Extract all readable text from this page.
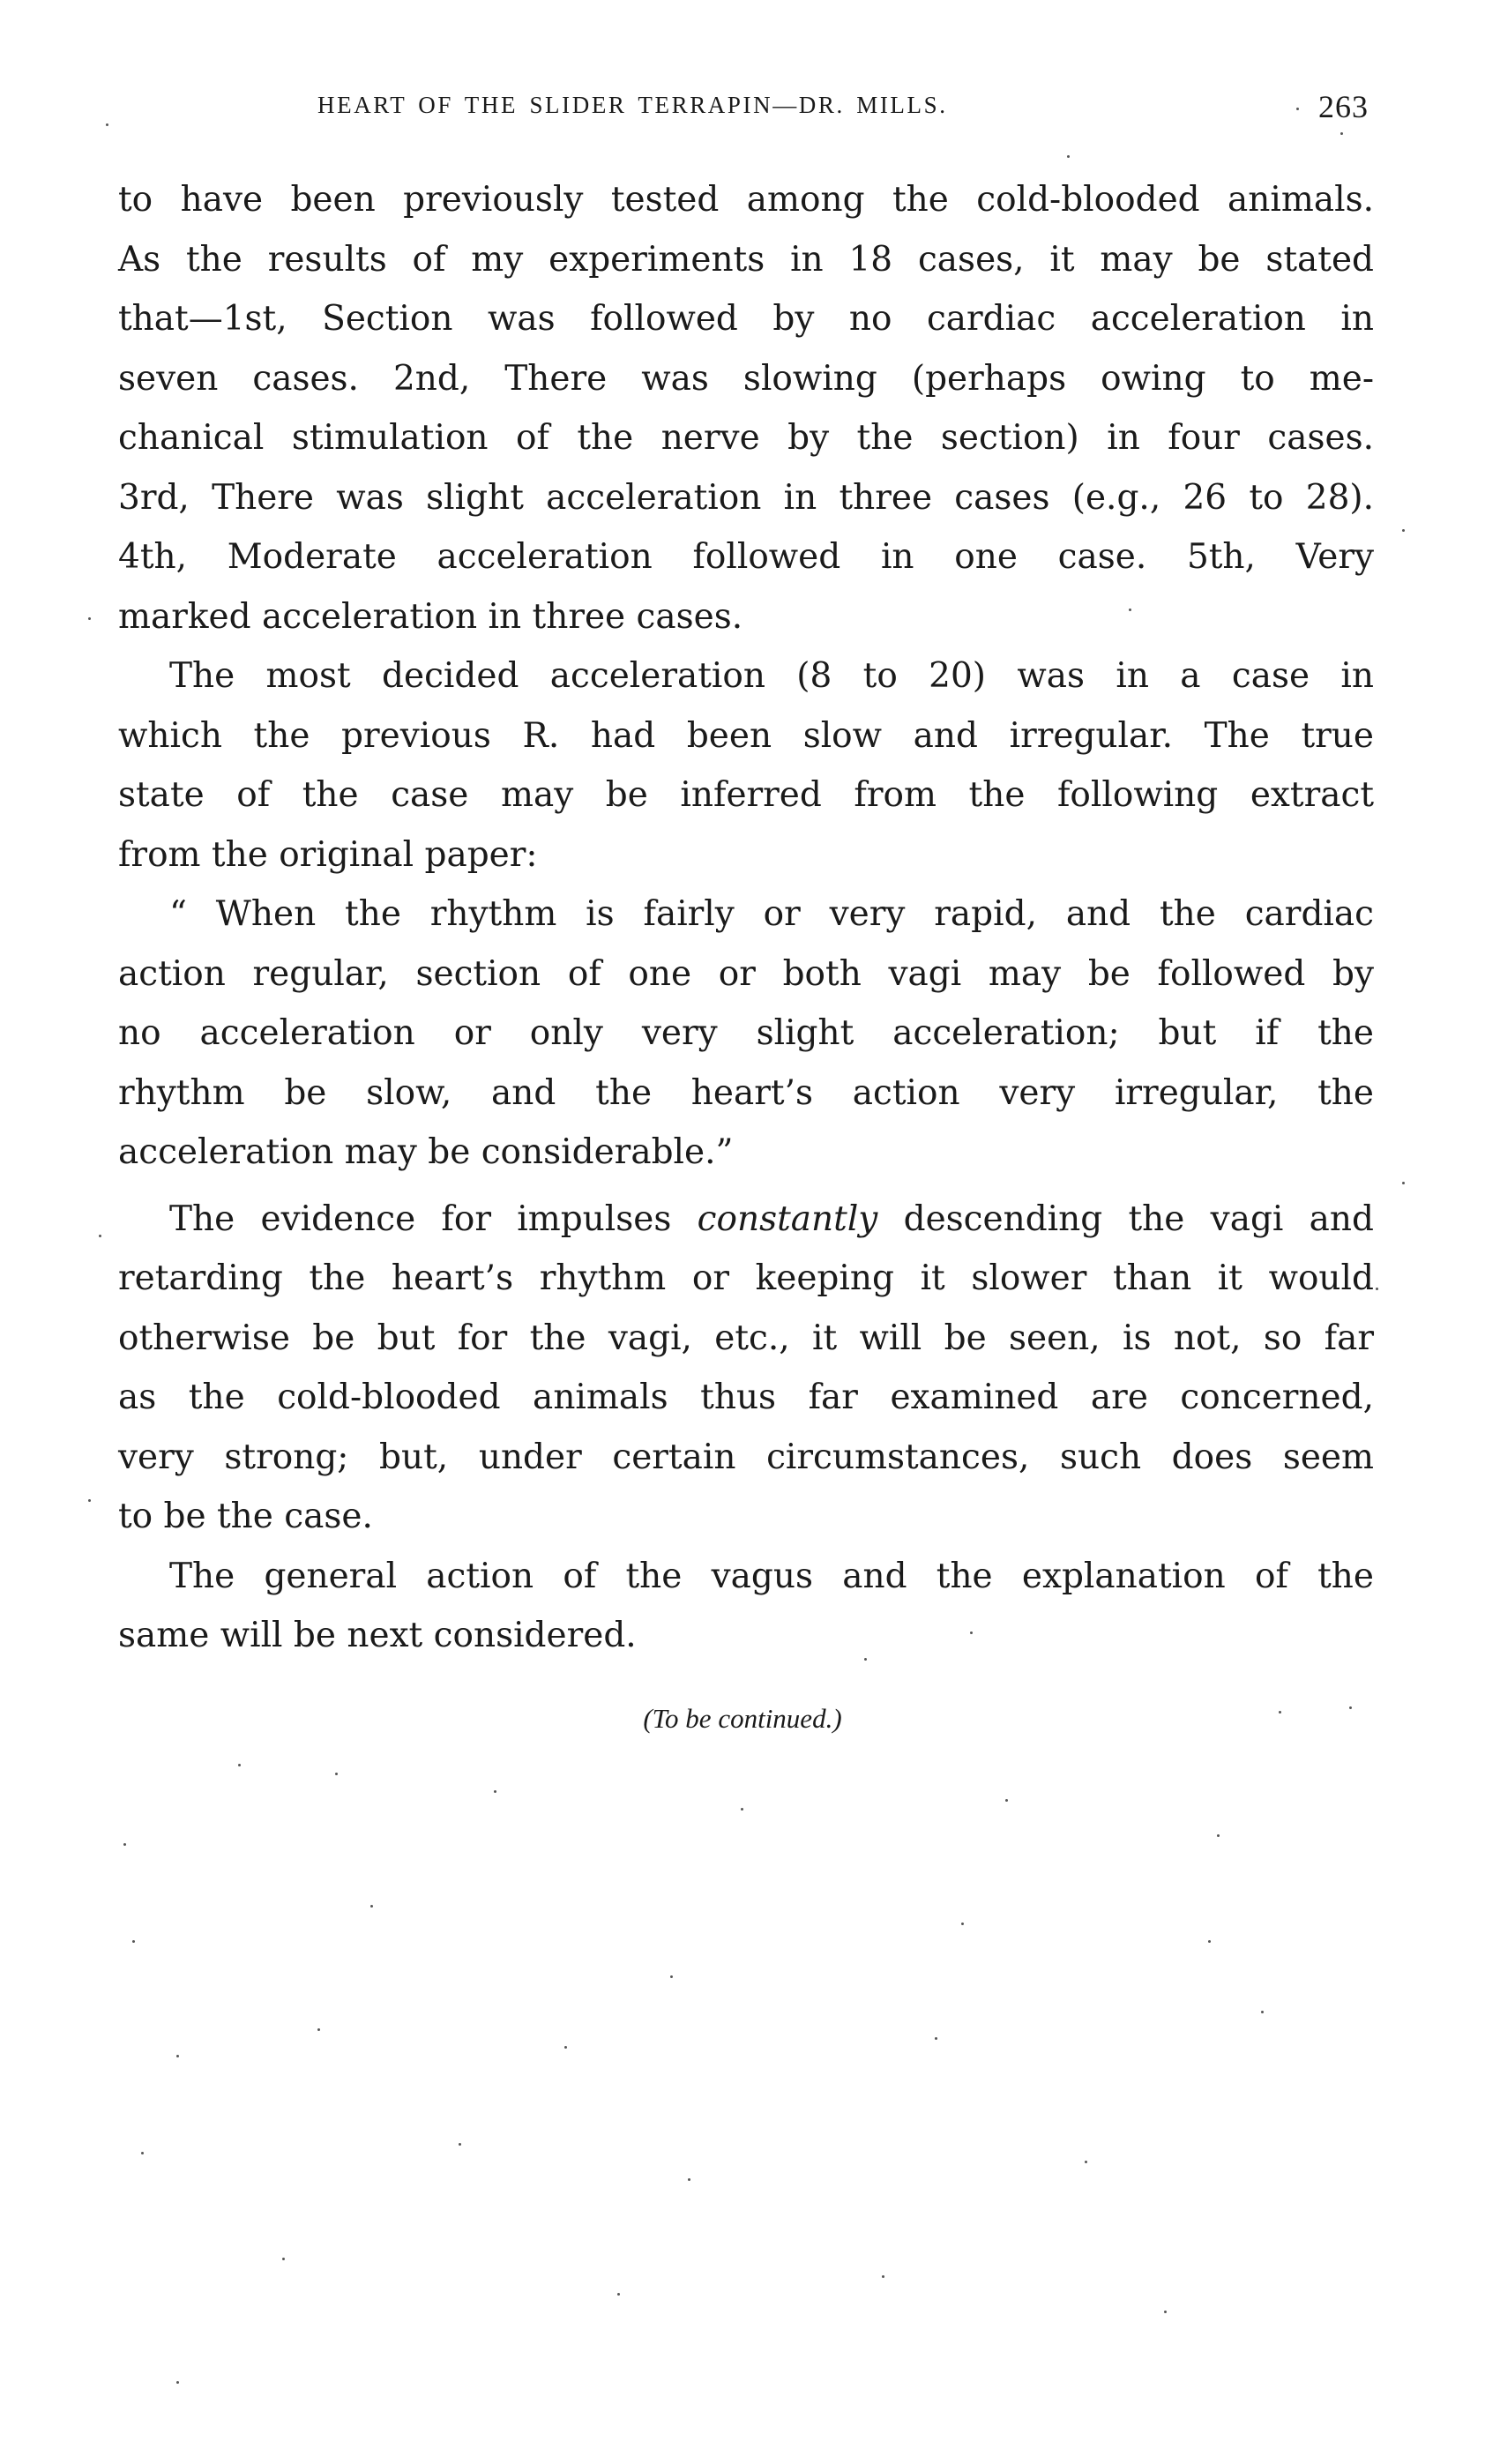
HEART OF THE SLIDER TERRAPIN—DR. MILLS.	263

to have been previously tested among the cold-blooded animals.

As the results of my experiments in 18 cases, it may be stated

that—1st, Section was followed by no cardiac acceleration in

seven cases. 2nd, There was slowing (perhaps owing to me-

chanical stimulation of the nerve by the section) in four cases.

3rd, There was slight acceleration in three cases (e.g., 26 to 28).

4th, Moderate acceleration followed in one case. 5th, Very

marked acceleration in three cases.

The most decided acceleration (8 to 20) was in a case in

which the previous R. had been slow and irregular. The true

state of the case may be inferred from the following extract

from the original paper:

“ When the rhythm is fairly or very rapid, and the cardiac

action regular, section of one or both vagi may be followed by

no acceleration or only very slight acceleration; but if the

rhythm be slow, and the heart’s action very irregular, the

acceleration may be considerable.”

The evidence for impulses constantly descending the vagi and

retarding the heart’s rhythm or keeping it slower than it would

otherwise be but for the vagi, etc., it will be seen, is not, so far

as the cold-blooded animals thus far examined are concerned,

very strong; but, under certain circumstances, such does seem

to be the case.

The general action of the vagus and the explanation of the

same will be next considered.

(To be continued.)
